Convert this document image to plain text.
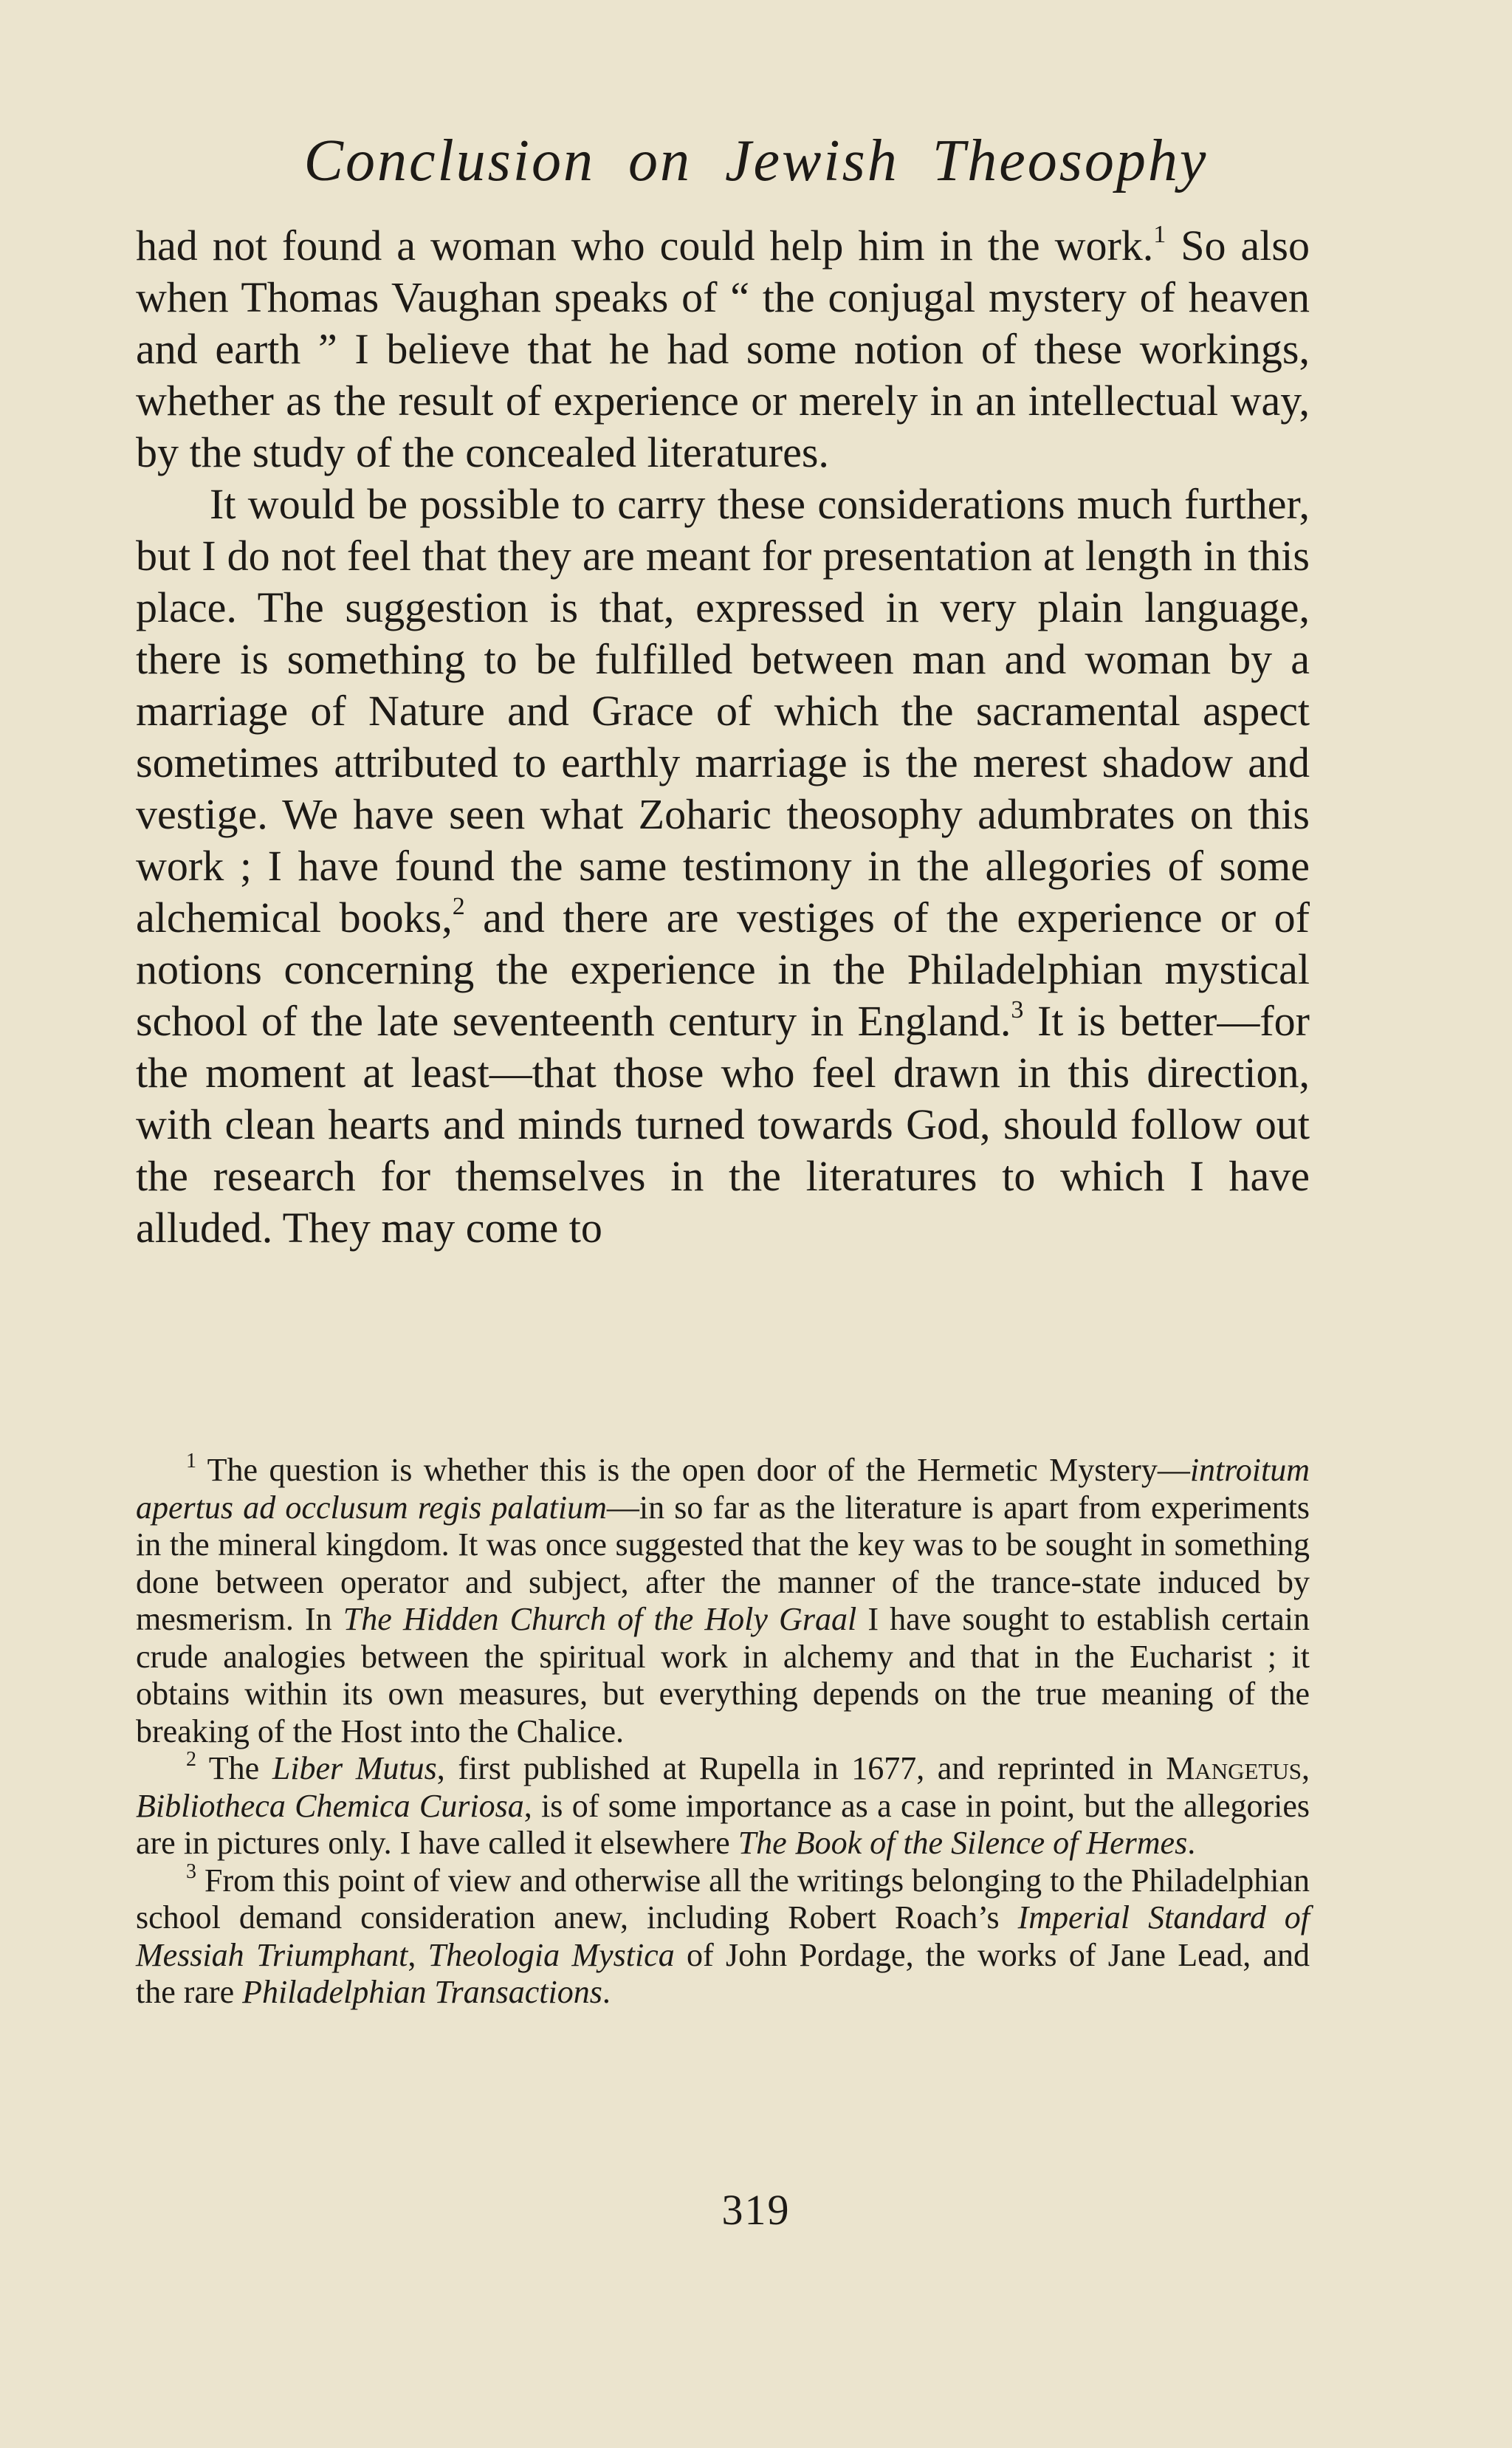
Conclusion on Jewish Theosophy

had not found a woman who could help him in the work.$^1$ So also when Thomas Vaughan speaks of “ the conjugal mystery of heaven and earth ” I believe that he had some notion of these workings, whether as the result of experience or merely in an intellectual way, by the study of the concealed literatures.

It would be possible to carry these considerations much further, but I do not feel that they are meant for presentation at length in this place. The suggestion is that, expressed in very plain language, there is something to be fulfilled between man and woman by a marriage of Nature and Grace of which the sacramental aspect sometimes attributed to earthly marriage is the merest shadow and vestige. We have seen what Zoharic theosophy adumbrates on this work ; I have found the same testimony in the allegories of some alchemical books,$^2$ and there are vestiges of the experience or of notions concerning the experience in the Philadelphian mystical school of the late seventeenth century in England.$^3$ It is better—for the moment at least—that those who feel drawn in this direction, with clean hearts and minds turned towards God, should follow out the research for themselves in the literatures to which I have alluded. They may come to

$^1$ The question is whether this is the open door of the Hermetic Mystery—introitum apertus ad occlusum regis palatium—in so far as the literature is apart from experiments in the mineral kingdom. It was once suggested that the key was to be sought in something done between operator and subject, after the manner of the trance-state induced by mesmerism. In The Hidden Church of the Holy Graal I have sought to establish certain crude analogies between the spiritual work in alchemy and that in the Eucharist ; it obtains within its own measures, but everything depends on the true meaning of the breaking of the Host into the Chalice.

$^2$ The Liber Mutus, first published at Rupella in 1677, and reprinted in Mangetus, Bibliotheca Chemica Curiosa, is of some importance as a case in point, but the allegories are in pictures only. I have called it elsewhere The Book of the Silence of Hermes.

$^3$ From this point of view and otherwise all the writings belonging to the Philadelphian school demand consideration anew, including Robert Roach’s Imperial Standard of Messiah Triumphant, Theologia Mystica of John Pordage, the works of Jane Lead, and the rare Philadelphian Transactions.

319
